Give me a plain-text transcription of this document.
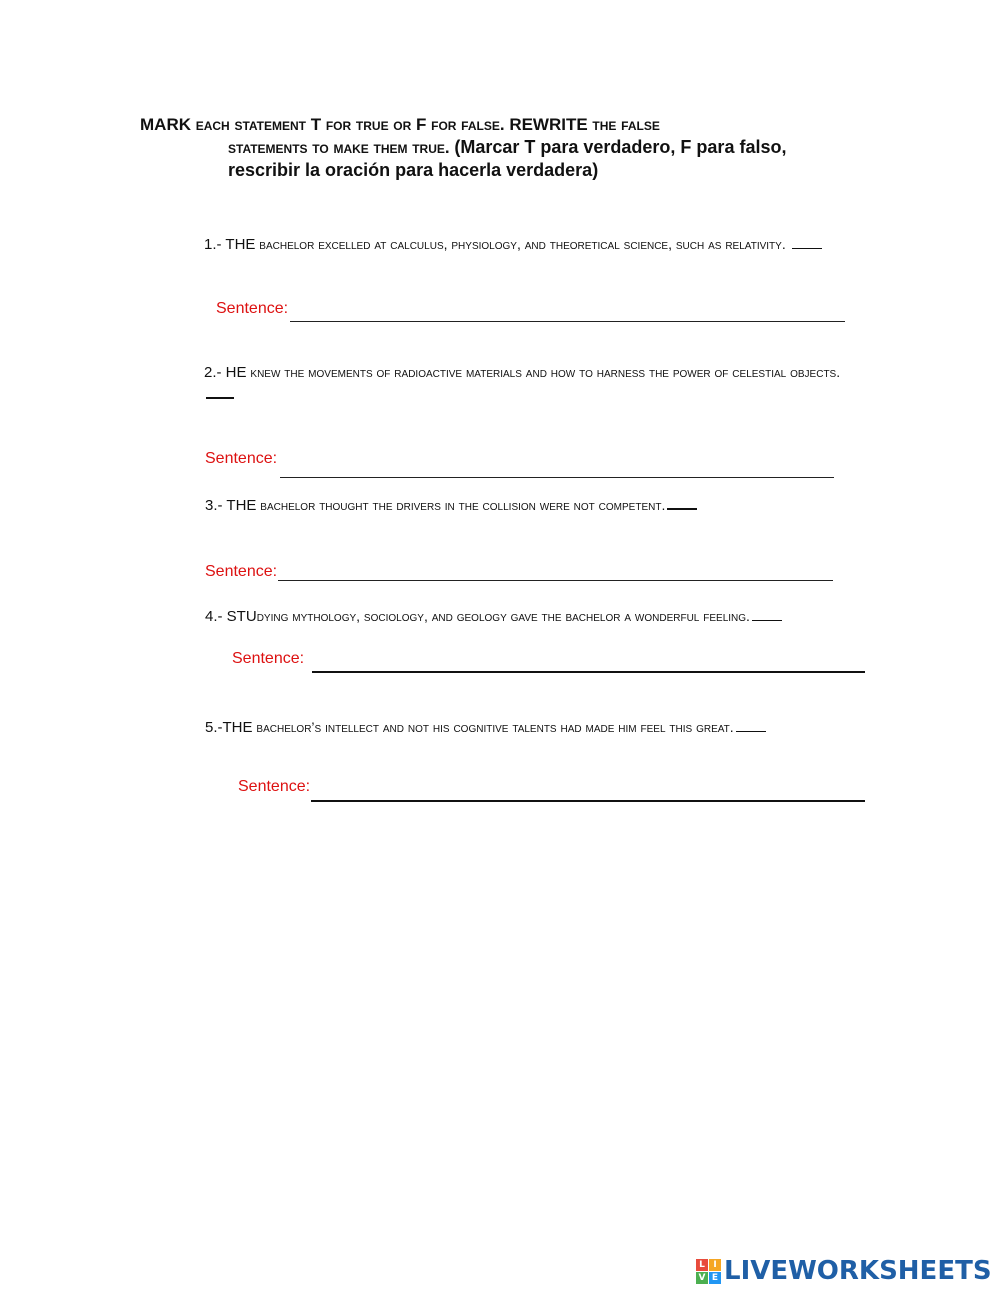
MARK each statement T for true or F for false. REWRITE the false
statements to make them true. (Marcar T para verdadero, F para falso, rescribir la oración para hacerla verdadera)
1.- THE bachelor excelled at calculus, physiology, and theoretical science, such as relativity.
Sentence:
2.- HE knew the movements of radioactive materials and how to harness the power of celestial objects.
Sentence:
3.- THE bachelor thought the drivers in the collision were not competent.
Sentence:
4.- STUdying mythology, sociology, and geology gave the bachelor a wonderful feeling.
Sentence:
5.-THE bachelor’s intellect and not his cognitive talents had made him feel this great.
Sentence:
L I
V E LIVEWORKSHEETS
